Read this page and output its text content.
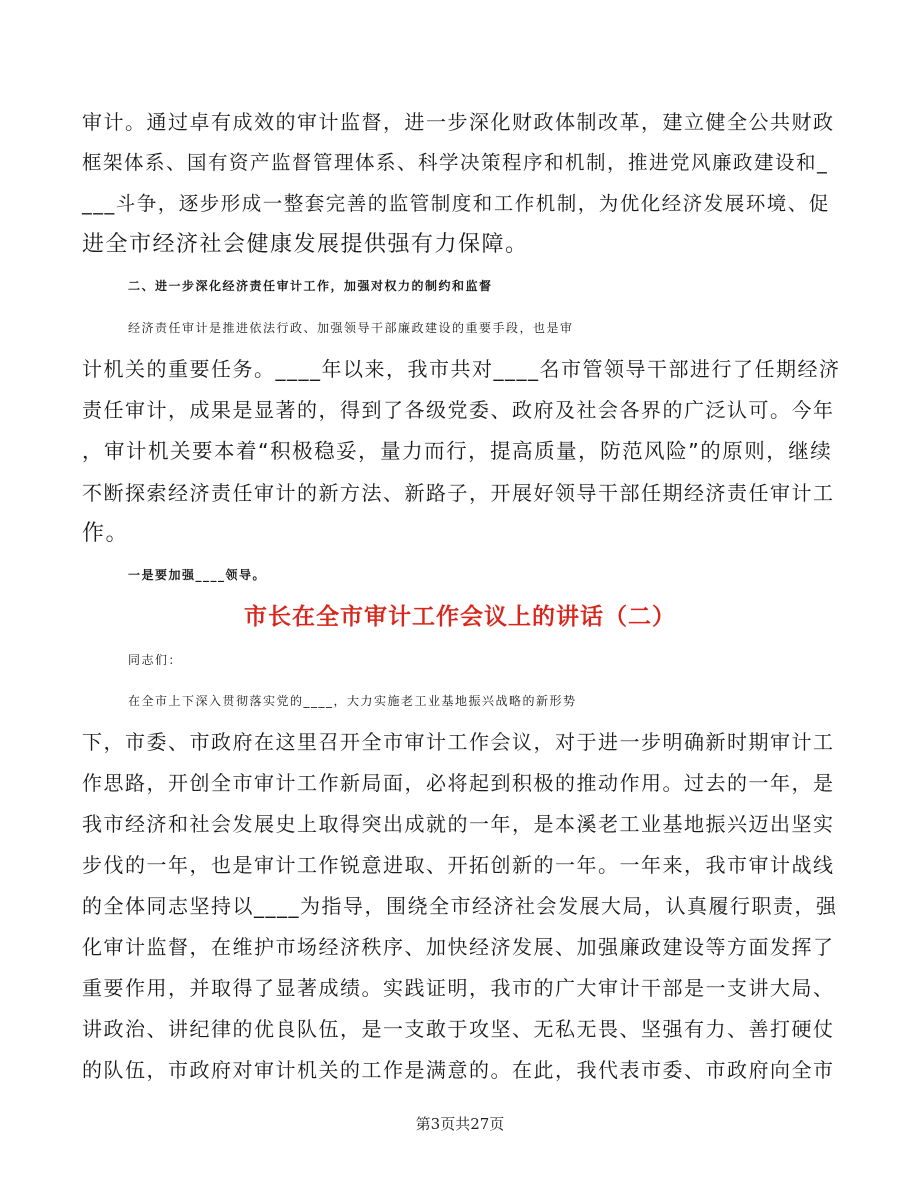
审计。通过卓有成效的审计监督，进一步深化财政体制改革，建立健全公共财政
框架体系、国有资产监督管理体系、科学决策程序和机制，推进党风廉政建设和_
___斗争，逐步形成一整套完善的监管制度和工作机制，为优化经济发展环境、促
进全市经济社会健康发展提供强有力保障。
二、进一步深化经济责任审计工作，加强对权力的制约和监督
经济责任审计是推进依法行政、加强领导干部廉政建设的重要手段，也是审
计机关的重要任务。____年以来，我市共对____名市管领导干部进行了任期经济
责任审计，成果是显著的，得到了各级党委、政府及社会各界的广泛认可。今年
，审计机关要本着“积极稳妥，量力而行，提高质量，防范风险”的原则，继续
不断探索经济责任审计的新方法、新路子，开展好领导干部任期经济责任审计工
作。
一是要加强____领导。
市长在全市审计工作会议上的讲话（二）
同志们：
在全市上下深入贯彻落实党的____，大力实施老工业基地振兴战略的新形势
下，市委、市政府在这里召开全市审计工作会议，对于进一步明确新时期审计工
作思路，开创全市审计工作新局面，必将起到积极的推动作用。过去的一年，是
我市经济和社会发展史上取得突出成就的一年，是本溪老工业基地振兴迈出坚实
步伐的一年，也是审计工作锐意进取、开拓创新的一年。一年来，我市审计战线
的全体同志坚持以____为指导，围绕全市经济社会发展大局，认真履行职责，强
化审计监督，在维护市场经济秩序、加快经济发展、加强廉政建设等方面发挥了
重要作用，并取得了显著成绩。实践证明，我市的广大审计干部是一支讲大局、
讲政治、讲纪律的优良队伍，是一支敢于攻坚、无私无畏、坚强有力、善打硬仗
的队伍，市政府对审计机关的工作是满意的。在此，我代表市委、市政府向全市
第3页共27页
